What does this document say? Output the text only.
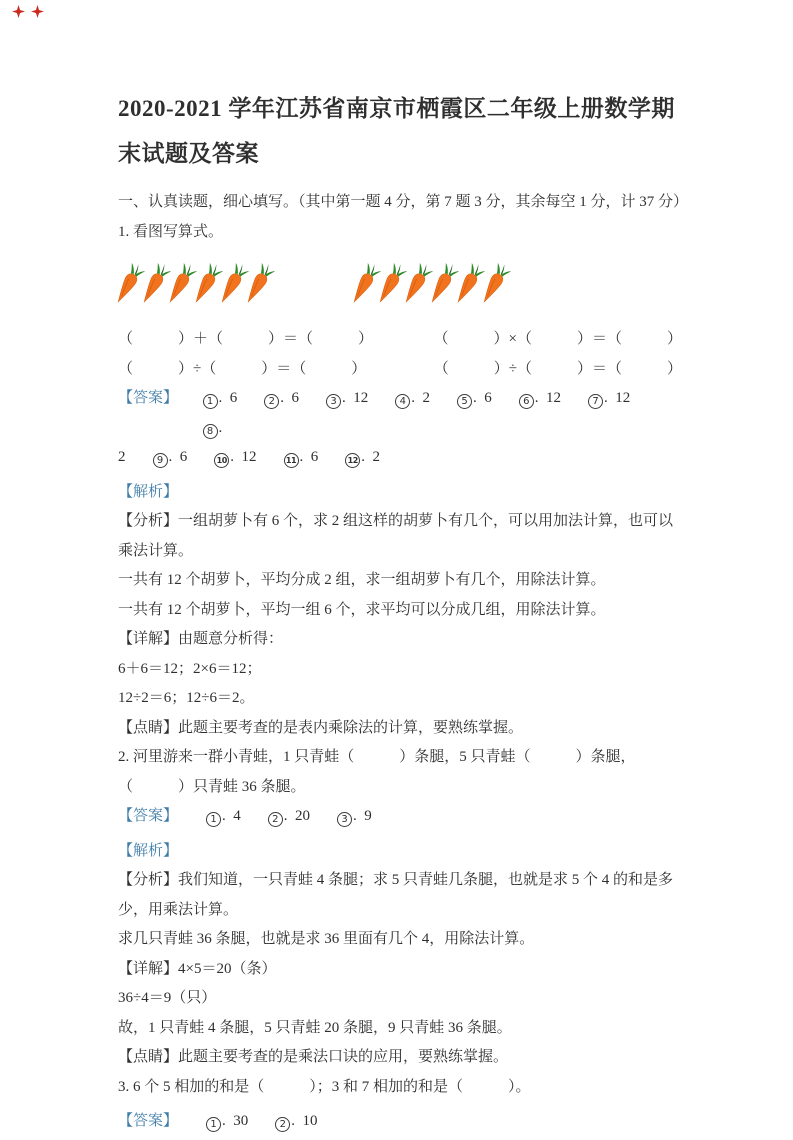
2020-2021 学年江苏省南京市栖霞区二年级上册数学期末试题及答案
一、认真读题，细心填写。（其中第一题 4 分，第 7 题 3 分，其余每空 1 分，计 37 分）
1. 看图写算式。
（　　　）＋（　　　）＝（　　　）	（　　　）×（　　　）＝（　　　）
（　　　）÷（　　　）＝（　　　）	（　　　）÷（　　　）＝（　　　）
【答案】	1 .  6	2 .  6	3 .  12	4 .  2	5 .  6	6 .  12	7 .  128 .
2	9 .  6	10 .  12	11 .  6	12 .  2
【解析】
【分析】一组胡萝卜有 6 个，求 2 组这样的胡萝卜有几个，可以用加法计算，也可以乘法计算。
一共有 12 个胡萝卜，平均分成 2 组，求一组胡萝卜有几个，用除法计算。
一共有 12 个胡萝卜，平均一组 6 个，求平均可以分成几组，用除法计算。
【详解】由题意分析得：
6＋6＝12；2×6＝12；
12÷2＝6；12÷6＝2。
【点睛】此题主要考查的是表内乘除法的计算，要熟练掌握。
2. 河里游来一群小青蛙，1 只青蛙（　　　）条腿，5 只青蛙（　　　）条腿，（　　　）只青蛙 36 条腿。
【答案】	1 .  4	2 .  20	3 .  9
【解析】
【分析】我们知道，一只青蛙 4 条腿；求 5 只青蛙几条腿，也就是求 5 个 4 的和是多少，用乘法计算。
求几只青蛙 36 条腿，也就是求 36 里面有几个 4，用除法计算。
【详解】4×5＝20（条）
36÷4＝9（只）
故，1 只青蛙 4 条腿，5 只青蛙 20 条腿，9 只青蛙 36 条腿。
【点睛】此题主要考查的是乘法口诀的应用，要熟练掌握。
3. 6 个 5 相加的和是（　　　）；3 和 7 相加的和是（　　　）。
【答案】	1 .  30	2 .  10
